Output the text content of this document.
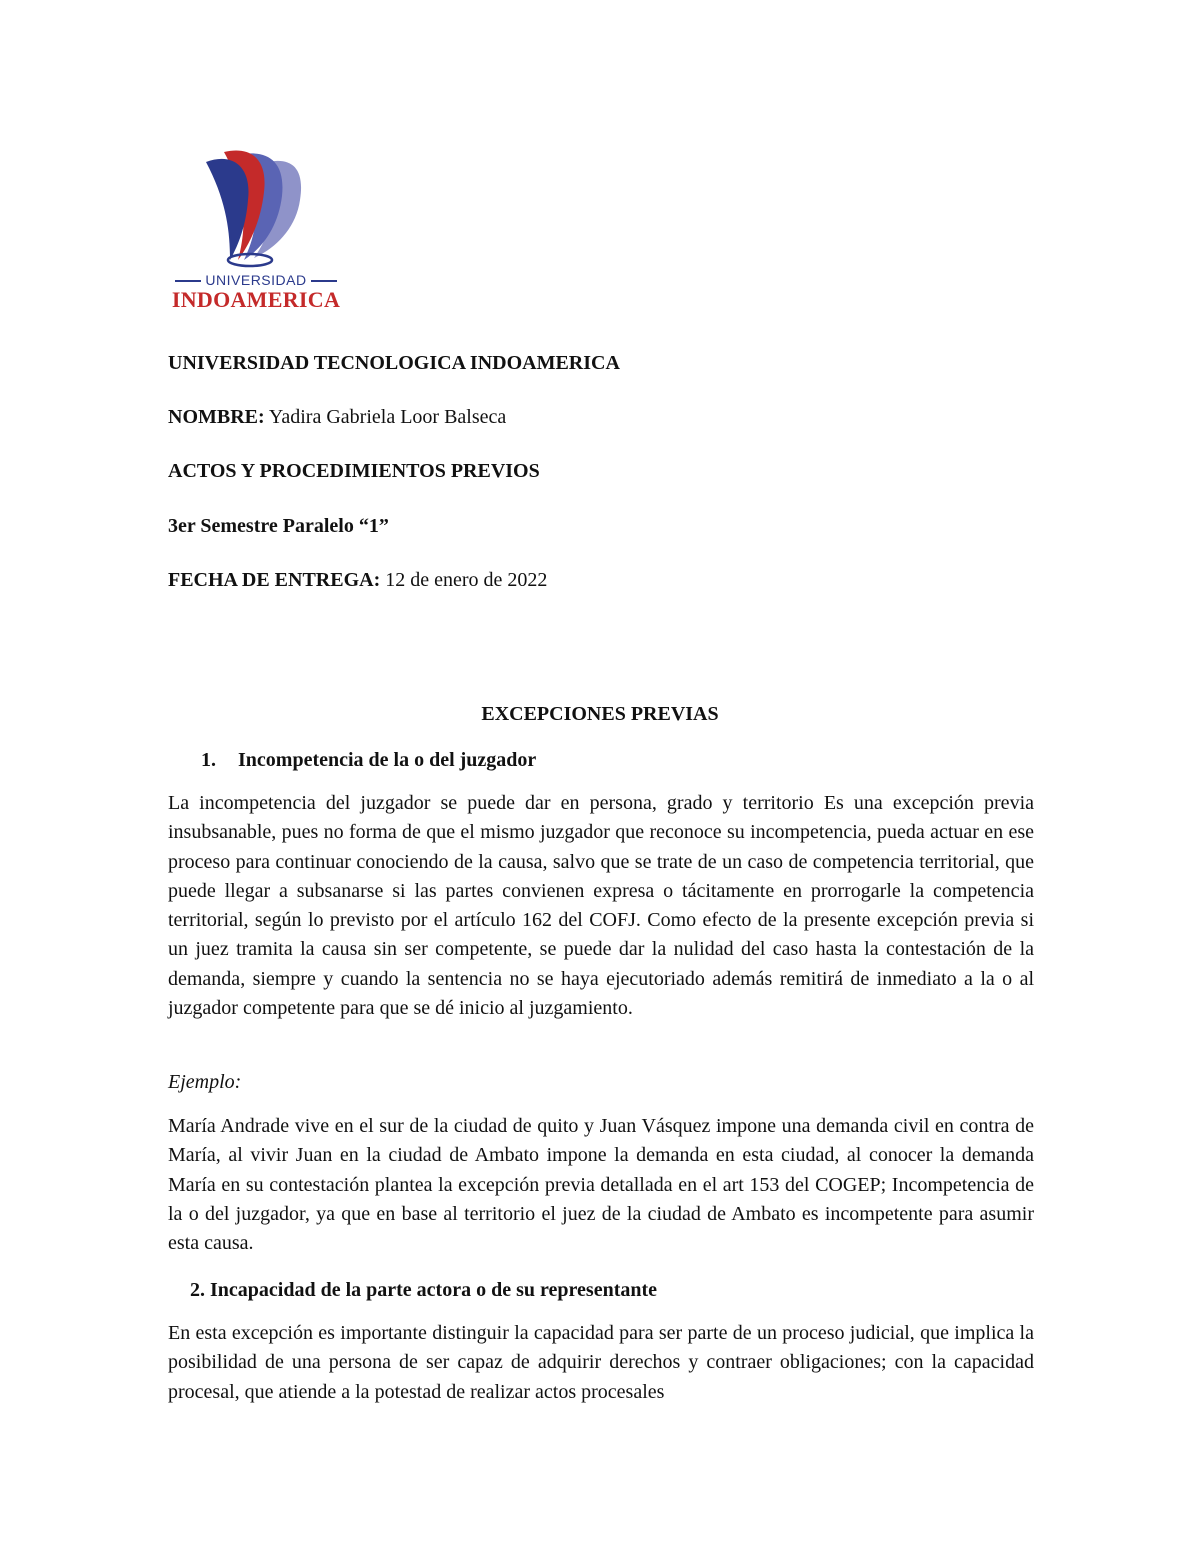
UNIVERSIDAD
INDOAMERICA
UNIVERSIDAD TECNOLOGICA INDOAMERICA
NOMBRE: Yadira Gabriela Loor Balseca
ACTOS Y PROCEDIMIENTOS PREVIOS
3er Semestre Paralelo “1”
FECHA DE ENTREGA: 12 de enero de 2022
EXCEPCIONES PREVIAS
1. Incompetencia de la o del juzgador
La incompetencia del juzgador se puede dar en persona, grado y territorio Es una excepción previa insubsanable, pues no forma de que el mismo juzgador que reconoce su incompetencia, pueda actuar en ese proceso para continuar conociendo de la causa, salvo que se trate de un caso de competencia territorial, que puede llegar a subsanarse si las partes convienen expresa o tácitamente en prorrogarle la competencia territorial, según lo previsto por el artículo 162 del COFJ. Como efecto de la presente excepción previa si un juez tramita la causa sin ser competente, se puede dar la nulidad del caso hasta la contestación de la demanda, siempre y cuando la sentencia no se haya ejecutoriado además remitirá de inmediato a la o al juzgador competente para que se dé inicio al juzgamiento.
Ejemplo:
María Andrade vive en el sur de la ciudad de quito y Juan Vásquez impone una demanda civil en contra de María, al vivir Juan en la ciudad de Ambato impone la demanda en esta ciudad, al conocer la demanda María en su contestación plantea la excepción previa detallada en el art 153 del COGEP; Incompetencia de la o del juzgador, ya que en base al territorio el juez de la ciudad de Ambato es incompetente para asumir esta causa.
2. Incapacidad de la parte actora o de su representante
En esta excepción es importante distinguir la capacidad para ser parte de un proceso judicial, que implica la posibilidad de una persona de ser capaz de adquirir derechos y contraer obligaciones; con la capacidad procesal, que atiende a la potestad de realizar actos procesales
